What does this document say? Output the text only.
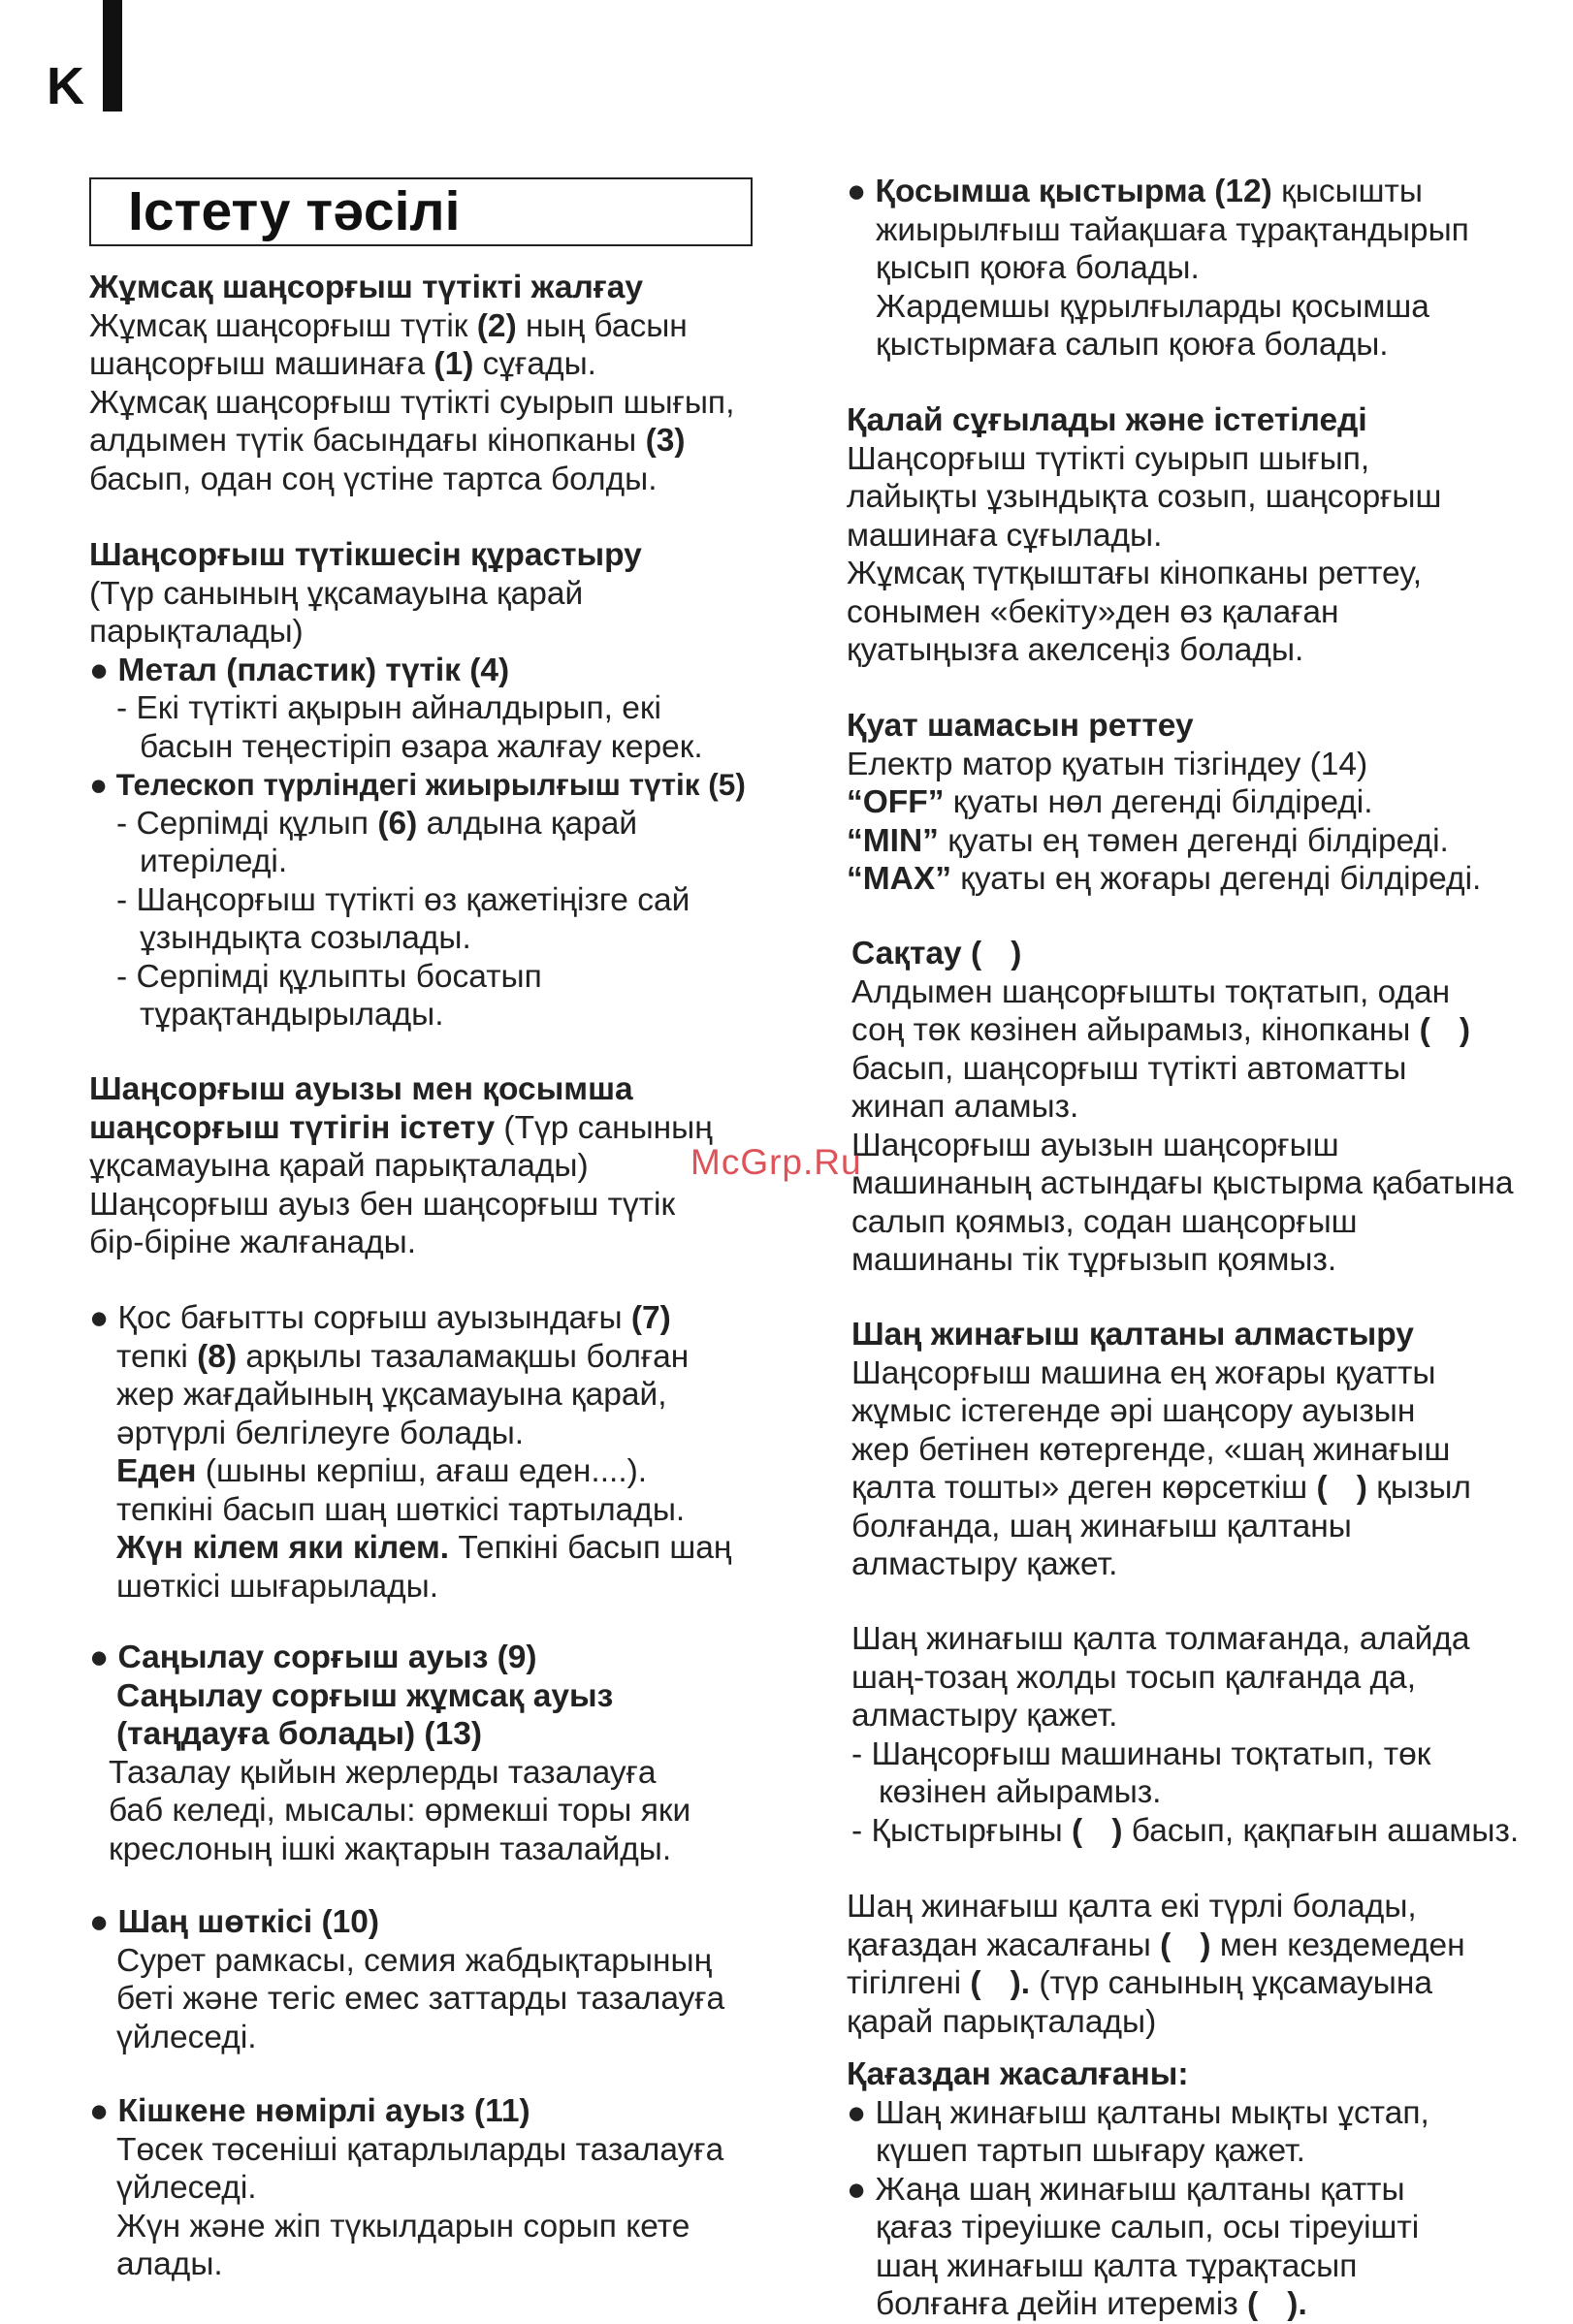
K
Істету тәсілі
Жұмсақ шаңсорғыш түтікті жалғау
Жұмсақ шаңсорғыш түтік (2) ның басын
шаңсорғыш машинаға (1) сұғады.
Жұмсақ шаңсорғыш түтікті суырып шығып,
алдымен түтік басындағы кінопканы (3)
басып, одан соң үстіне тартса болды.
Шаңсорғыш түтікшесін құрастыру
(Түр санының ұқсамауына қарай
парықталады)
● Метал (пластик) түтік (4)
- Екі түтікті ақырын айналдырып, екі
басын теңестіріп өзара жалғау керек.
● Телескоп түрліндегі жиырылғыш түтік (5)
- Серпімді құлып (6) алдына қарай
итеріледі.
- Шаңсорғыш түтікті өз қажетіңізге сай
ұзындықта созылады.
- Серпімді құлыпты босатып
тұрақтандырылады.
Шаңсорғыш ауызы мен қосымша
шаңсорғыш түтігін істету (Түр санының
ұқсамауына қарай парықталады)
Шаңсорғыш ауыз бен шаңсорғыш түтік
бір-біріне жалғанады.
● Қос бағытты сорғыш ауызындағы (7)
тепкі (8) арқылы тазаламақшы болған
жер жағдайының ұқсамауына қарай,
әртүрлі белгілеуге болады.
Еден (шыны керпіш, ағаш еден....).
тепкіні басып шаң шөткісі тартылады.
Жүн кілем яки кілем. Тепкіні басып шаң
шөткісі шығарылады.
● Саңылау сорғыш ауыз (9)
Саңылау сорғыш жұмсақ ауыз
(таңдауға болады) (13)
Тазалау қыйын жерлерды тазалауға
баб келеді, мысалы: өрмекші торы яки
креслоның ішкі жақтарын тазалайды.
● Шаң шөткісі (10)
Сурет рамкасы, семия жабдықтарының
беті және тегіс емес заттарды тазалауға
үйлеседі.
● Кішкене нөмірлі ауыз (11)
Төсек төсеніші қатарлыларды тазалауға
үйлеседі.
Жүн және жіп түкылдарын сорып кете
алады.
● Қосымша қыстырма (12) қысышты
жиырылғыш тайақшаға тұрақтандырып
қысып қоюға болады.
Жардемшы құрылғыларды қосымша
қыстырмаға салып қоюға болады.
Қалай сұғылады және істетіледі
Шаңсорғыш түтікті суырып шығып,
лайықты ұзындықта созып, шаңсорғыш
машинаға сұғылады.
Жұмсақ түтқыштағы кінопканы реттеу,
сонымен «бекіту»ден өз қалаған
қуатыңызға акелсеңіз болады.
Қуат шамасын реттеу
Електр матор қуатын тізгіндеу (14)
“OFF” қуаты нөл дегенді білдіреді.
“MIN” қуаты ең төмен дегенді білдіреді.
“MAX” қуаты ең жоғары дегенді білдіреді.
Сақтау ( )
Алдымен шаңсорғышты тоқтатып, одан
соң төк көзінен айырамыз, кінопканы ( )
басып, шаңсорғыш түтікті автоматты
жинап аламыз.
Шаңсорғыш ауызын шаңсорғыш
машинаның астындағы қыстырма қабатына
салып қоямыз, содан шаңсорғыш
машинаны тік тұрғызып қоямыз.
Шаң жинағыш қалтаны алмастыру
Шаңсорғыш машина ең жоғары қуатты
жұмыс істегенде әрі шаңсору ауызын
жер бетінен көтергенде, «шаң жинағыш
қалта тошты» деген көрсеткіш ( ) қызыл
болғанда, шаң жинағыш қалтаны
алмастыру қажет.
Шаң жинағыш қалта толмағанда, алайда
шаң-тозаң жолды тосып қалғанда да,
алмастыру қажет.
- Шаңсорғыш машинаны тоқтатып, төк
көзінен айырамыз.
- Қыстырғыны ( ) басып, қақпағын ашамыз.
Шаң жинағыш қалта екі түрлі болады,
қағаздан жасалғаны ( ) мен кездемеден
тігілгені ( ). (түр санының ұқсамауына
қарай парықталады)
Қағаздан жасалғаны:
● Шаң жинағыш қалтаны мықты ұстап,
күшеп тартып шығару қажет.
● Жаңа шаң жинағыш қалтаны қатты
қағаз тіреуішке салып, осы тіреуішті
шаң жинағыш қалта тұрақтасып
болғанға дейін итереміз ( ).
McGrp.Ru
